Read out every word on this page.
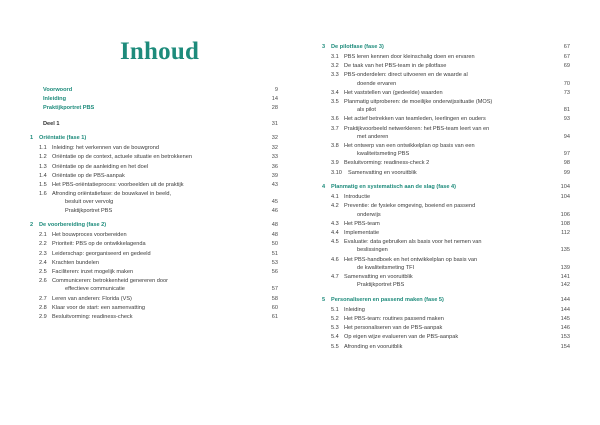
Inhoud
Voorwoord	9
Inleiding	14
Praktijkportret PBS	28
Deel 1	31
1	Oriëntatie (fase 1)	32
1.1 Inleiding: het verkennen van de bouwgrond	32
1.2 Oriëntatie op de context, actuele situatie en betrokkenen	33
1.3 Oriëntatie op de aanleiding en het doel	36
1.4 Oriëntatie op de PBS-aanpak	39
1.5 Het PBS-oriëntatieproces: voorbeelden uit de praktijk	43
1.6 Afronding oriëntatiefase: de bouwkavel in beeld,
besluit over vervolg	45
Praktijkportret PBS	46
2	De voorbereiding (fase 2)	48
2.1 Het bouwproces voorbereiden	48
2.2 Prioriteit: PBS op de ontwikkelagenda	50
2.3 Leiderschap: georganiseerd en gedeeld	51
2.4 Krachten bundelen	53
2.5 Faciliteren: inzet mogelijk maken	56
2.6 Communiceren: betrokkenheid genereren door
effectieve communicatie	57
2.7 Leren van anderen: Florida (VS)	58
2.8 Klaar voor de start: een samenvatting	60
2.9 Besluitvorming: readiness-check	61
3	De pilotfase (fase 3)	67
3.1 PBS leren kennen door kleinschalig doen en ervaren	67
3.2 De taak van het PBS-team in de pilotfase	69
3.3 PBS-onderdelen: direct uitvoeren en de waarde al
doende ervaren	70
3.4 Het vaststellen van (gedeelde) waarden	73
3.5 Planmatig uitproberen: de moeilijke onderwijssituatie (MOS)
als pilot	81
3.6 Het actief betrekken van teamleden, leerlingen en ouders	93
3.7 Praktijkvoorbeeld netwerkleren: het PBS-team leert van en
met anderen	94
3.8 Het ontwerp van een ontwikkelplan op basis van een
kwaliteitsmeting PBS	97
3.9 Besluitvorming: readiness-check 2	98
3.10	Samenvatting en vooruitblik	99
4	Planmatig en systematisch aan de slag (fase 4)	104
4.1 Introductie	104
4.2 Preventie: de fysieke omgeving, boeiend en passend
onderwijs	106
4.3 Het PBS-team	108
4.4 Implementatie	112
4.5 Evaluatie: data gebruiken als basis voor het nemen van
beslissingen	135
4.6 Het PBS-handboek en het ontwikkelplan op basis van
de kwaliteitsmeting TFI	139
4.7 Samenvatting en vooruitblik	141
Praktijkportret PBS	142
5	Personaliseren en passend maken (fase 5)	144
5.1 Inleiding	144
5.2 Het PBS-team: routines passend maken	145
5.3 Het personaliseren van de PBS-aanpak	146
5.4 Op eigen wijze evalueren van de PBS-aanpak	153
5.5 Afronding en vooruitblik	154
